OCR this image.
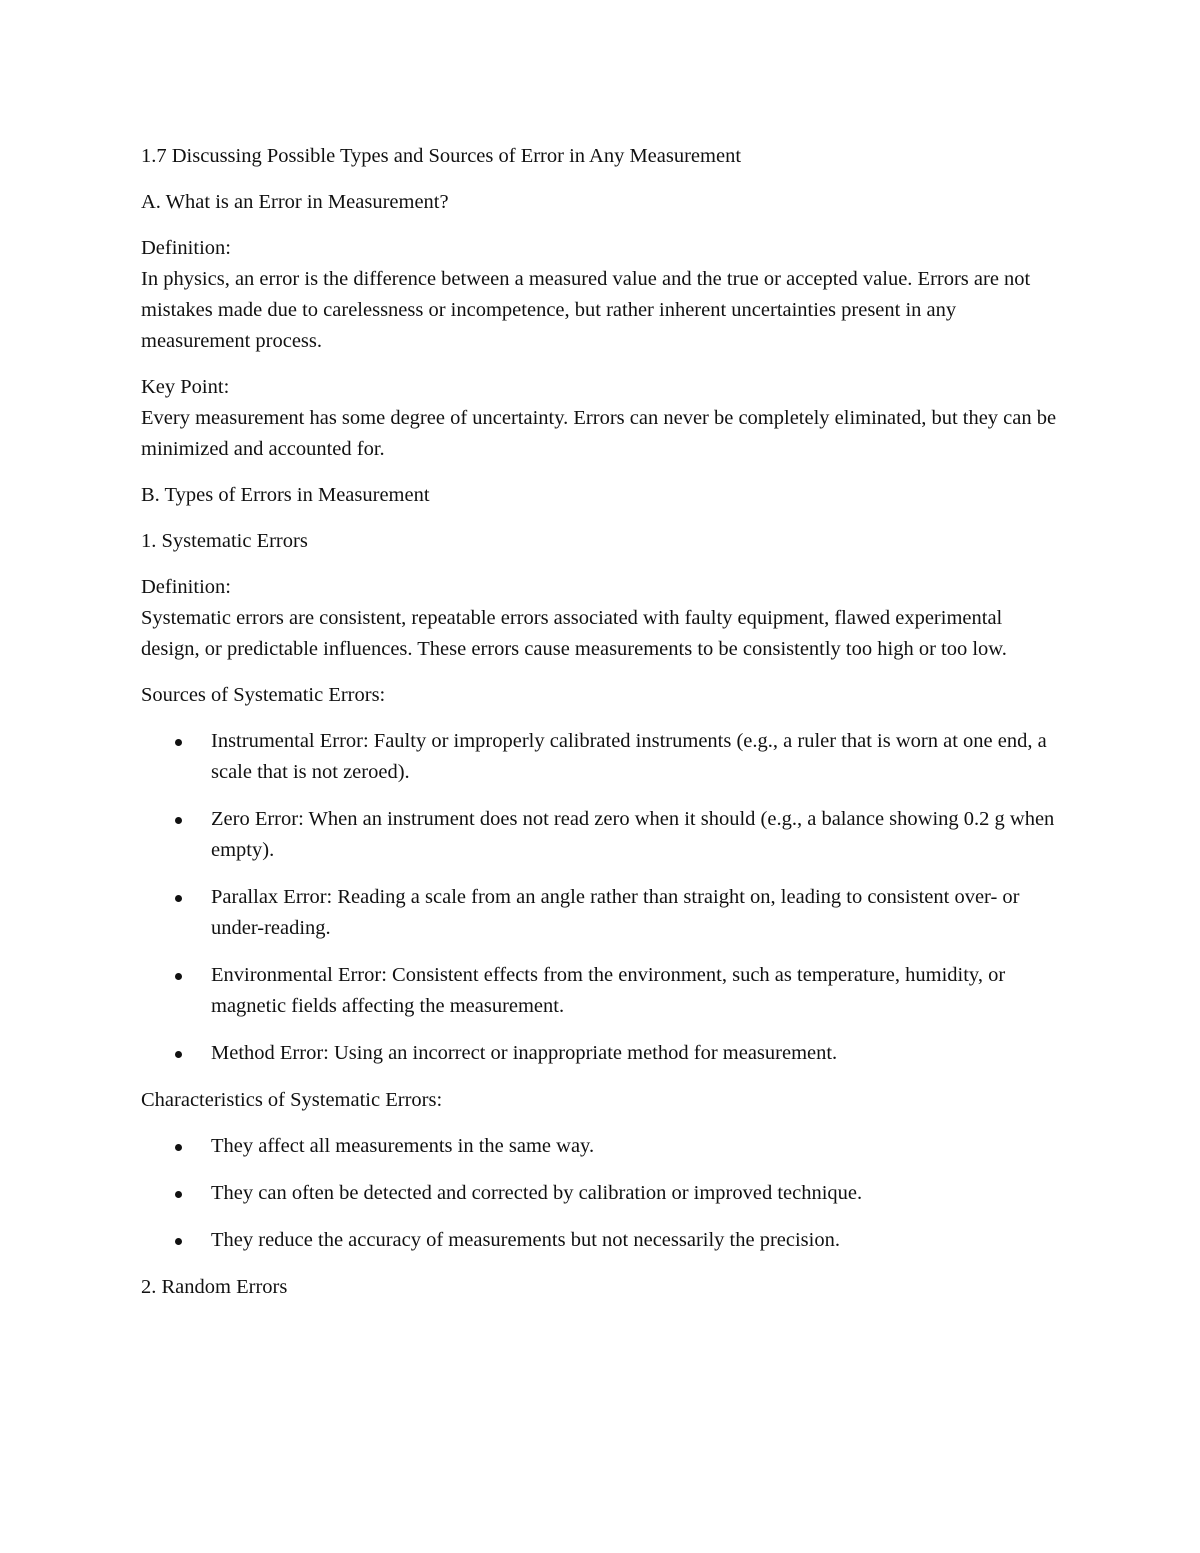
1.7 Discussing Possible Types and Sources of Error in Any Measurement

A. What is an Error in Measurement?

Definition:
In physics, an error is the difference between a measured value and the true or accepted value. Errors are not mistakes made due to carelessness or incompetence, but rather inherent uncertainties present in any measurement process.

Key Point:
Every measurement has some degree of uncertainty. Errors can never be completely eliminated, but they can be minimized and accounted for.

B. Types of Errors in Measurement

1. Systematic Errors

Definition:
Systematic errors are consistent, repeatable errors associated with faulty equipment, flawed experimental design, or predictable influences. These errors cause measurements to be consistently too high or too low.

Sources of Systematic Errors:

Instrumental Error: Faulty or improperly calibrated instruments (e.g., a ruler that is worn at one end, a scale that is not zeroed).
Zero Error: When an instrument does not read zero when it should (e.g., a balance showing 0.2 g when empty).
Parallax Error: Reading a scale from an angle rather than straight on, leading to consistent over- or under-reading.
Environmental Error: Consistent effects from the environment, such as temperature, humidity, or magnetic fields affecting the measurement.
Method Error: Using an incorrect or inappropriate method for measurement.

Characteristics of Systematic Errors:

They affect all measurements in the same way.
They can often be detected and corrected by calibration or improved technique.
They reduce the accuracy of measurements but not necessarily the precision.

2. Random Errors
